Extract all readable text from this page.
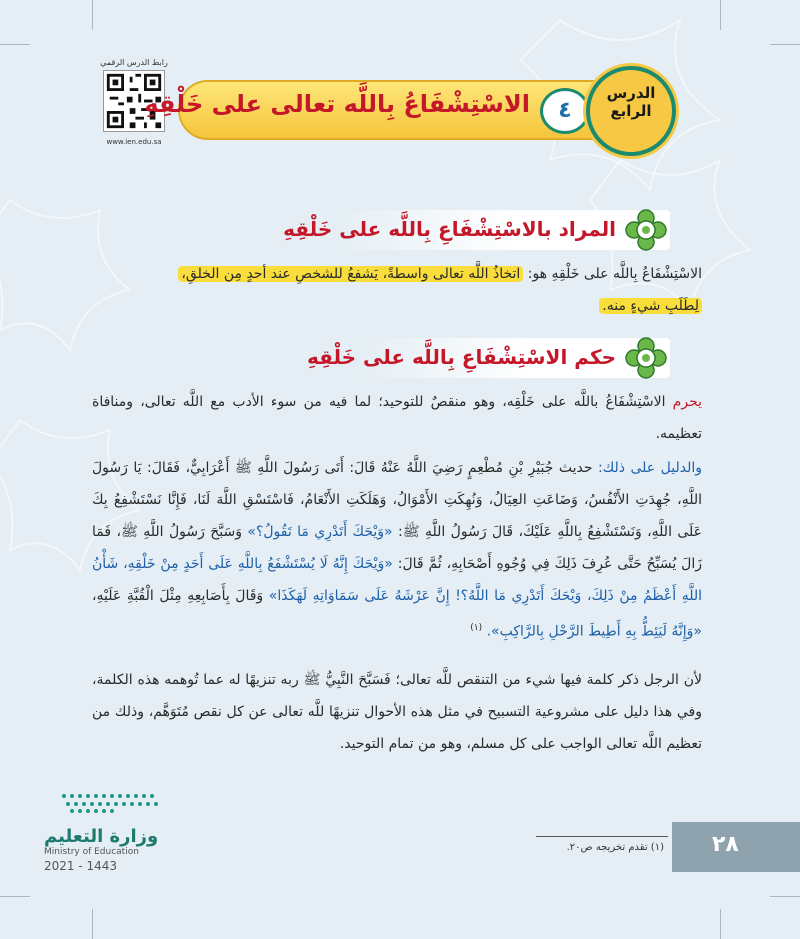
رابط الدرس الرقمي
www.ien.edu.sa
٤
الاسْتِشْفَاعُ بِاللَّه تعالى على خَلْقِهِ	الدرس
الرابع
المراد بالاسْتِشْفَاعِ بِاللَّه على خَلْقِهِ
الاسْتِشْفَاعُ بِاللَّه على خَلْقِهِ هو: اتخاذُ اللَّه تعالى واسطةً، يَشفعُ للشخصِ عند أحدٍ مِن الخلقِ،
لِطَلَبِ شيءٍ منه.
حكم الاسْتِشْفَاعِ بِاللَّه على خَلْقِهِ
يحرم الاسْتِشْفَاعُ باللَّه على خَلْقِه، وهو منقصٌ للتوحيد؛ لما فيه من سوء الأدب مع اللَّه تعالى، ومنافاة تعظيمه.
والدليل على ذلك: حديث جُبَيْرِ بْنِ مُطْعِمٍ رَضِيَ اللَّهُ عَنْهُ قَالَ: أَتَى رَسُولَ اللَّهِ ﷺ أَعْرَابِيٌّ، فَقَالَ: يَا رَسُولَ اللَّهِ، جُهِدَتِ الأَنْفُسُ، وَضَاعَتِ العِيَالُ، وَنُهِكَتِ الأَمْوَالُ، وَهَلَكَتِ الأَنْعَامُ، فَاسْتَسْقِ اللَّهَ لَنَا، فَإِنَّا نَسْتَشْفِعُ بِكَ عَلَى اللَّهِ، وَنَسْتَشْفِعُ بِاللَّهِ عَلَيْكَ، قَالَ رَسُولُ اللَّهِ ﷺ: «وَيْحَكَ أَتَدْرِي مَا تَقُولُ؟» وَسَبَّحَ رَسُولُ اللَّهِ ﷺ، فَمَا زَالَ يُسَبِّحُ حَتَّى عُرِفَ ذَلِكَ فِي وُجُوهِ أَصْحَابِهِ، ثُمَّ قَالَ: «وَيْحَكَ إِنَّهُ لَا يُسْتَشْفَعُ بِاللَّهِ عَلَى أَحَدٍ مِنْ خَلْقِهِ، شَأْنُ اللَّهِ أَعْظَمُ مِنْ ذَلِكَ، وَيْحَكَ أَتَدْرِي مَا اللَّهُ؟! إِنَّ عَرْشَهُ عَلَى سَمَاوَاتِهِ لَهَكَذَا» وَقَالَ بِأَصَابِعِهِ مِثْلَ الْقُبَّةِ عَلَيْهِ، «وَإِنَّهُ لَيَئِطُّ بِهِ أَطِيطَ الرَّحْلِ بِالرَّاكِبِ». $^{(١)}$
لأن الرجل ذكر كلمة فيها شيء من التنقص للَّه تعالى؛ فَسَبَّحَ النَّبِيُّ ﷺ ربه تنزيهًا له عما تُوهمه هذه الكلمة، وفي هذا دليل على مشروعية التسبيح في مثل هذه الأحوال تنزيهًا للَّه تعالى عن كل نقص مُتَوَهَّم، وذلك من تعظيم اللَّه تعالى الواجب على كل مسلم، وهو من تمام التوحيد.
وزارة التعليم
Ministry of Education
2021 - 1443
(١) تقدم تخريجه ص٢٠. ٢٨
